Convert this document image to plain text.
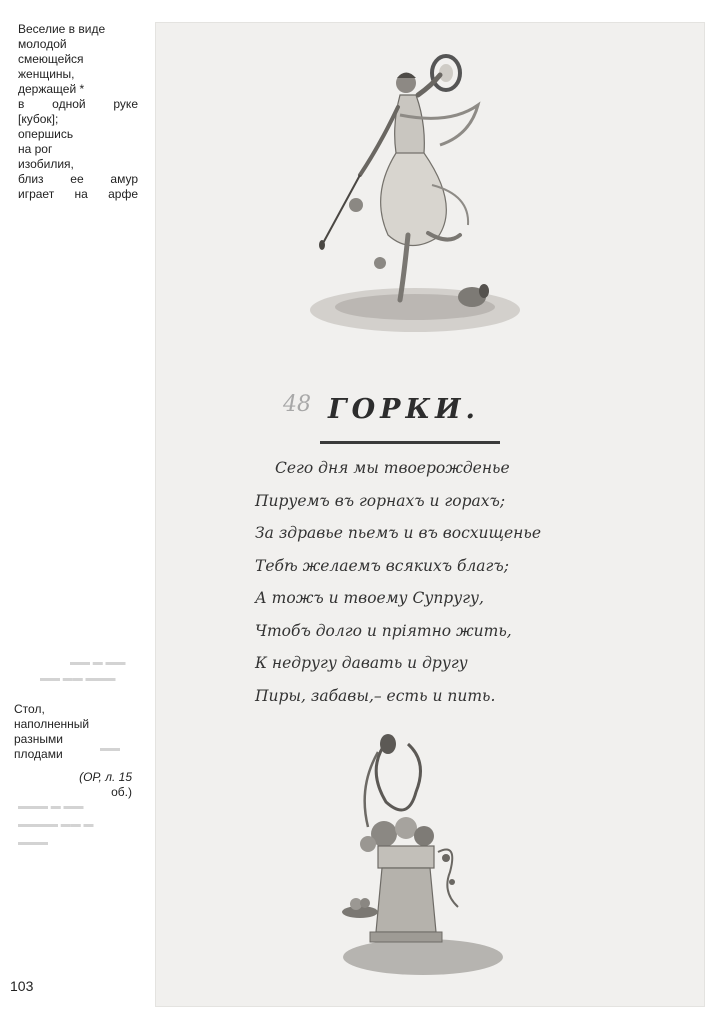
Веселие в виде
молодой
смеющейся
женщины,
держащей *
в одной руке
[кубок];
опершись
на рог
изобилия,
близ ее амур
играет на арфе
▬▬ ▬ ▬▬
▬▬ ▬▬ ▬▬▬
▬▬
▬▬▬ ▬ ▬▬
▬▬▬▬ ▬▬ ▬
▬▬▬
Стол,
наполненный
разными
плодами
(ОР, л. 15
об.)
103
48 ГОРКИ.
Сего дня мы твоерожденье
Пируемъ въ горнахъ и горахъ;
За здравье пьемъ и въ восхищенье
Тебѣ желаемъ всякихъ благъ;
А тожъ и твоему Супругу,
Чтобъ долго и пріятно жить,
К недругу давать и другу
Пиры, забавы,– есть и пить.
